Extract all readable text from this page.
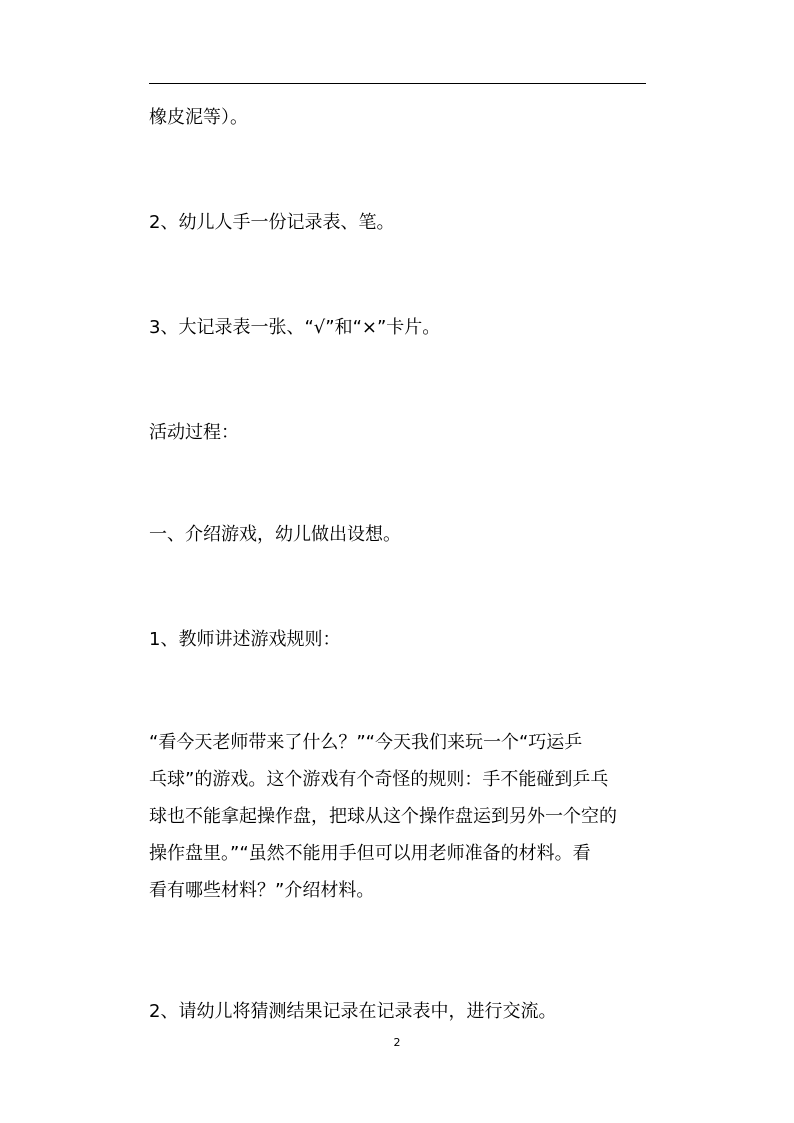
橡皮泥等）。

2、幼儿人手一份记录表、笔。

3、大记录表一张、“√”和“×”卡片。

活动过程：

一、介绍游戏，幼儿做出设想。

1、教师讲述游戏规则：

“看今天老师带来了什么？”“今天我们来玩一个“巧运乒
乓球”的游戏。这个游戏有个奇怪的规则：手不能碰到乒乓
球也不能拿起操作盘，把球从这个操作盘运到另外一个空的
操作盘里。”“虽然不能用手但可以用老师准备的材料。看
看有哪些材料？”介绍材料。

2、请幼儿将猜测结果记录在记录表中，进行交流。

2
